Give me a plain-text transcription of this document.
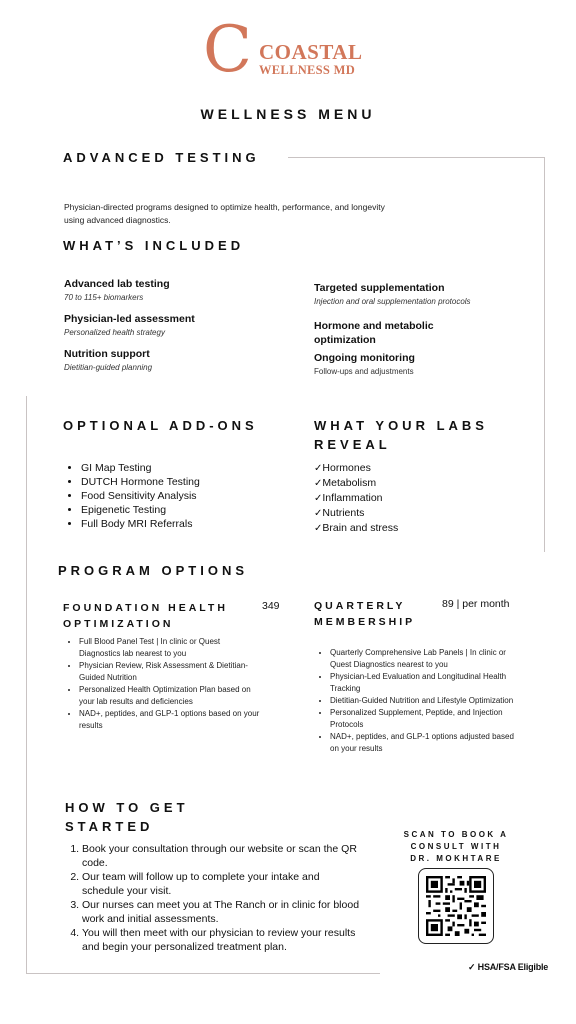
C COASTAL
WELLNESS MD
WELLNESS MENU
ADVANCED TESTING
Physician-directed programs designed to optimize health, performance, and longevity using advanced diagnostics.
WHAT’S INCLUDED
Advanced lab testing
70 to 115+ biomarkers
Physician-led assessment
Personalized health strategy
Nutrition support
Dietitian-guided planning
Targeted supplementation
Injection and oral supplementation protocols
Hormone and metabolic optimization
Ongoing monitoring
Follow-ups and adjustments
OPTIONAL ADD-ONS
• GI Map Testing
• DUTCH Hormone Testing
• Food Sensitivity Analysis
• Epigenetic Testing
• Full Body MRI Referrals
WHAT YOUR LABS
REVEAL
✓ Hormones
✓ Metabolism
✓ Inflammation
✓ Nutrients
✓ Brain and stress
PROGRAM OPTIONS
FOUNDATION HEALTH
OPTIMIZATION
349
• Full Blood Panel Test | In clinic or Quest Diagnostics lab nearest to you
• Physician Review, Risk Assessment & Dietitian-Guided Nutrition
• Personalized Health Optimization Plan based on your lab results and deficiencies
• NAD+, peptides, and GLP-1 options based on your results
QUARTERLY
MEMBERSHIP
89 | per month
• Quarterly Comprehensive Lab Panels | In clinic or Quest Diagnostics nearest to you
• Physician-Led Evaluation and Longitudinal Health Tracking
• Dietitian-Guided Nutrition and Lifestyle Optimization
• Personalized Supplement, Peptide, and Injection Protocols
• NAD+, peptides, and GLP-1 options adjusted based on your results
HOW TO GET
STARTED
1. Book your consultation through our website or scan the QR code.
2. Our team will follow up to complete your intake and schedule your visit.
3. Our nurses can meet you at The Ranch or in clinic for blood work and initial assessments.
4. You will then meet with our physician to review your results and begin your personalized treatment plan.
SCAN TO BOOK A
CONSULT WITH
DR. MOKHTARE
✓ HSA/FSA Eligible
